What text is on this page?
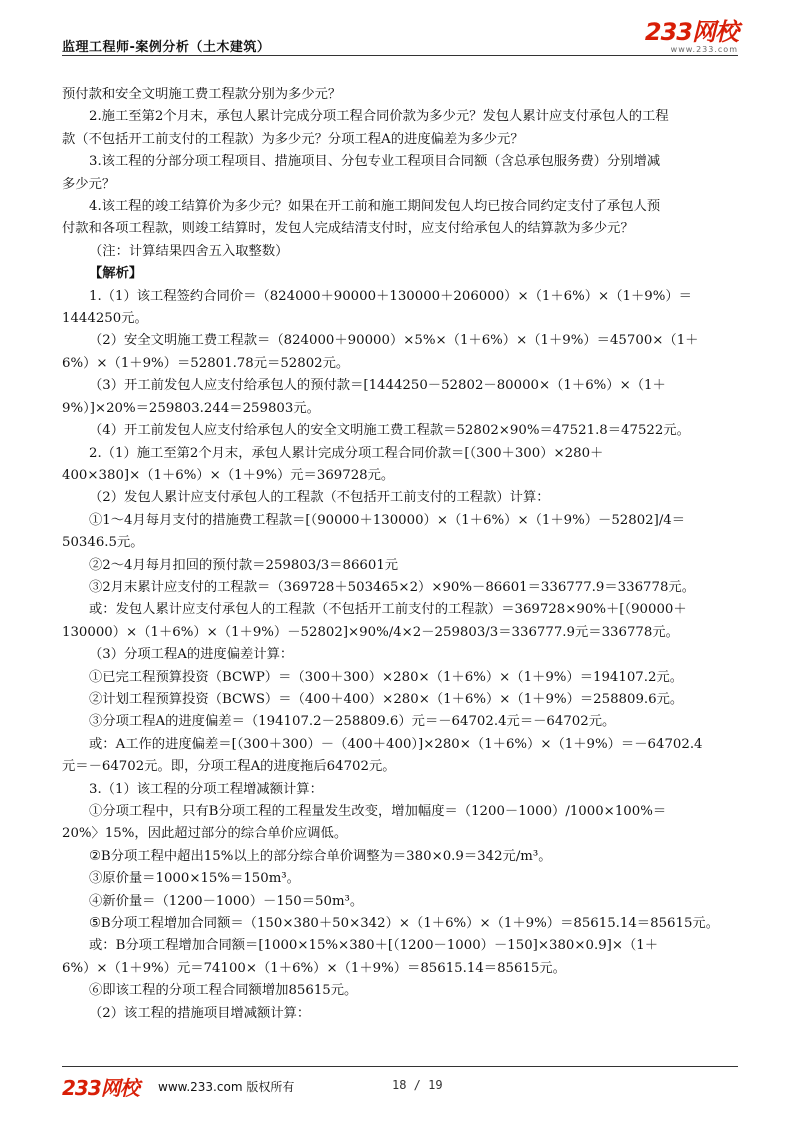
监理工程师-案例分析（土木建筑）
233网校
www.233.com
预付款和安全文明施工费工程款分别为多少元？
2.施工至第2个月末，承包人累计完成分项工程合同价款为多少元？发包人累计应支付承包人的工程
款（不包括开工前支付的工程款）为多少元？分项工程A的进度偏差为多少元？
3.该工程的分部分项工程项目、措施项目、分包专业工程项目合同额（含总承包服务费）分别增减
多少元？
4.该工程的竣工结算价为多少元？如果在开工前和施工期间发包人均已按合同约定支付了承包人预
付款和各项工程款，则竣工结算时，发包人完成结清支付时，应支付给承包人的结算款为多少元？
（注：计算结果四舍五入取整数）
【解析】
1.（1）该工程签约合同价＝（824000＋90000＋130000＋206000）×（1＋6%）×（1＋9%）＝
1444250元。
（2）安全文明施工费工程款＝（824000＋90000）×5%×（1＋6%）×（1＋9%）＝45700×（1＋
6%）×（1＋9%）＝52801.78元＝52802元。
（3）开工前发包人应支付给承包人的预付款＝[1444250－52802－80000×（1＋6%）×（1＋
9%）]×20%＝259803.244＝259803元。
（4）开工前发包人应支付给承包人的安全文明施工费工程款＝52802×90%＝47521.8＝47522元。
2.（1）施工至第2个月末，承包人累计完成分项工程合同价款＝[（300＋300）×280＋
400×380]×（1＋6%）×（1＋9%）元＝369728元。
（2）发包人累计应支付承包人的工程款（不包括开工前支付的工程款）计算：
①1～4月每月支付的措施费工程款＝[（90000＋130000）×（1＋6%）×（1＋9%）－52802]/4＝
50346.5元。
②2～4月每月扣回的预付款＝259803/3＝86601元
③2月末累计应支付的工程款＝（369728＋503465×2）×90%－86601＝336777.9＝336778元。
或：发包人累计应支付承包人的工程款（不包括开工前支付的工程款）＝369728×90%＋[（90000＋
130000）×（1＋6%）×（1＋9%）－52802]×90%/4×2－259803/3＝336777.9元＝336778元。
（3）分项工程A的进度偏差计算：
①已完工程预算投资（BCWP）＝（300＋300）×280×（1＋6%）×（1＋9%）＝194107.2元。
②计划工程预算投资（BCWS）＝（400＋400）×280×（1＋6%）×（1＋9%）＝258809.6元。
③分项工程A的进度偏差＝（194107.2－258809.6）元＝－64702.4元＝－64702元。
或：A工作的进度偏差＝[（300＋300）－（400＋400）]×280×（1＋6%）×（1＋9%）＝－64702.4
元＝－64702元。即，分项工程A的进度拖后64702元。
3.（1）该工程的分项工程增减额计算：
①分项工程中，只有B分项工程的工程量发生改变，增加幅度＝（1200－1000）/1000×100%＝
20%〉15%，因此超过部分的综合单价应调低。
②B分项工程中超出15%以上的部分综合单价调整为＝380×0.9＝342元/m³。
③原价量＝1000×15%＝150m³。
④新价量＝（1200－1000）－150＝50m³。
⑤B分项工程增加合同额＝（150×380＋50×342）×（1＋6%）×（1＋9%）＝85615.14＝85615元。
或：B分项工程增加合同额＝[1000×15%×380＋[（1200－1000）－150]×380×0.9]×（1＋
6%）×（1＋9%）元＝74100×（1＋6%）×（1＋9%）＝85615.14＝85615元。
⑥即该工程的分项工程合同额增加85615元。
（2）该工程的措施项目增减额计算：
233网校 www.233.com 版权所有	18 / 19
